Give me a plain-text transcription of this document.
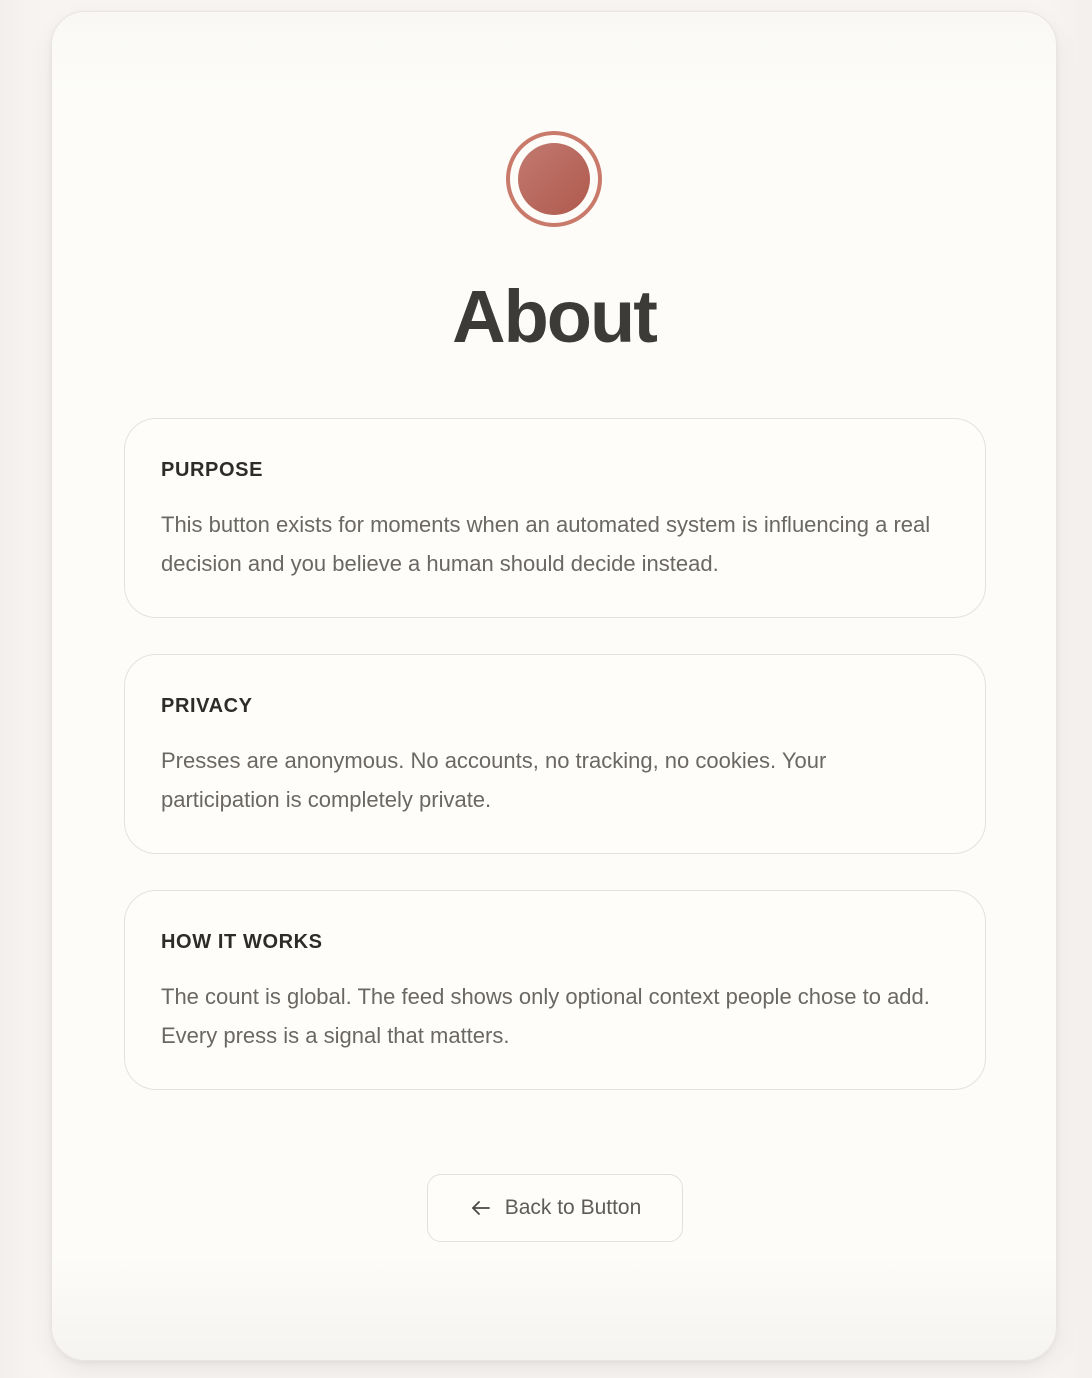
About
PURPOSE

This button exists for moments when an automated system is influencing a real decision and you believe a human should decide instead.

PRIVACY

Presses are anonymous. No accounts, no tracking, no cookies. Your participation is completely private.

HOW IT WORKS

The count is global. The feed shows only optional context people chose to add. Every press is a signal that matters.

Back to Button
